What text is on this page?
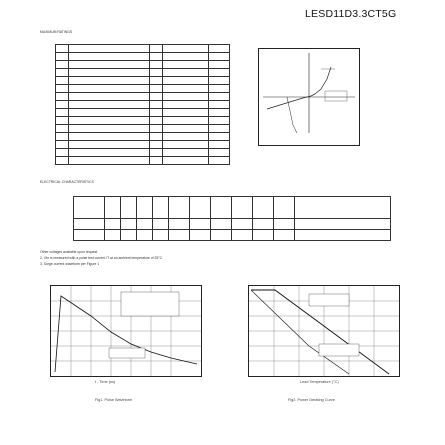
LESD11D3.3CT5G
MAXIMUM RATINGS

ELECTRICAL CHARACTERISTICS

Other voltages available upon request.
2. Vbr is measured with a pulse test current IT at an ambient temperature of 25°C
3. Surge current waveform per Figure 1
t - Time (us)
Fig1. Pulse Waveform
Lead Temperature (°C)
Fig2. Power Derating Curve
